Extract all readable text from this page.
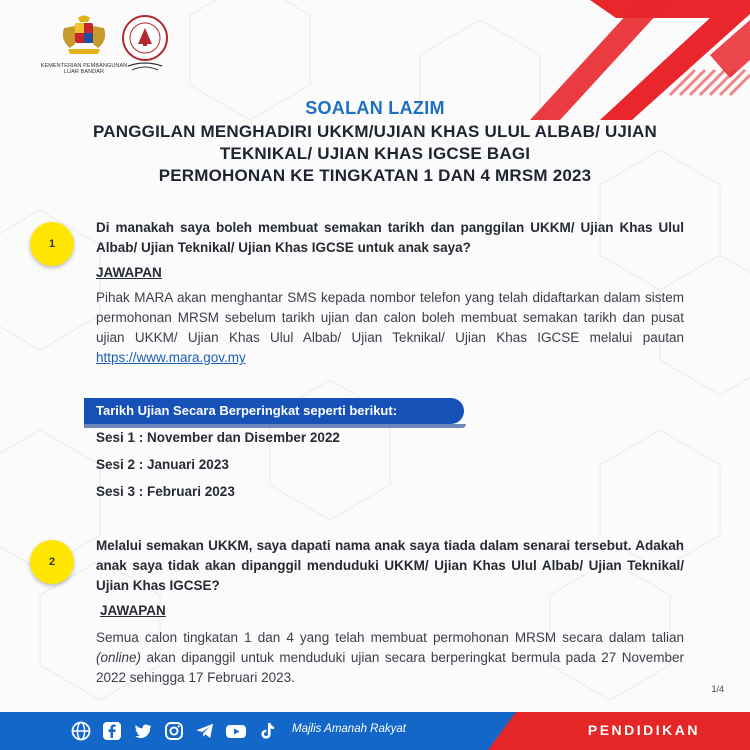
KEMENTERIAN PEMBANGUNAN LUAR BANDAR
SOALAN LAZIM
PANGGILAN MENGHADIRI UKKM/UJIAN KHAS ULUL ALBAB/ UJIAN
TEKNIKAL/ UJIAN KHAS IGCSE BAGI
PERMOHONAN KE TINGKATAN 1 DAN 4 MRSM 2023
1
Di manakah saya boleh membuat semakan tarikh dan panggilan UKKM/ Ujian Khas Ulul Albab/ Ujian Teknikal/ Ujian Khas IGCSE untuk anak saya?
JAWAPAN
Pihak MARA akan menghantar SMS kepada nombor telefon yang telah didaftarkan dalam sistem permohonan MRSM sebelum tarikh ujian dan calon boleh membuat semakan tarikh dan pusat ujian UKKM/ Ujian Khas Ulul Albab/ Ujian Teknikal/ Ujian Khas IGCSE melalui pautan https://www.mara.gov.my
Tarikh Ujian Secara Berperingkat seperti berikut:
Sesi 1 : November dan Disember 2022
Sesi 2 : Januari 2023
Sesi 3 : Februari 2023
2
Melalui semakan UKKM, saya dapati nama anak saya tiada dalam senarai tersebut. Adakah anak saya tidak akan dipanggil menduduki UKKM/ Ujian Khas Ulul Albab/ Ujian Teknikal/ Ujian Khas IGCSE?
JAWAPAN
Semua calon tingkatan 1 dan 4 yang telah membuat permohonan MRSM secara dalam talian (online) akan dipanggil untuk menduduki ujian secara berperingkat bermula pada 27 November 2022 sehingga 17 Februari 2023.
1/4
Majlis Amanah Rakyat	PENDIDIKAN
